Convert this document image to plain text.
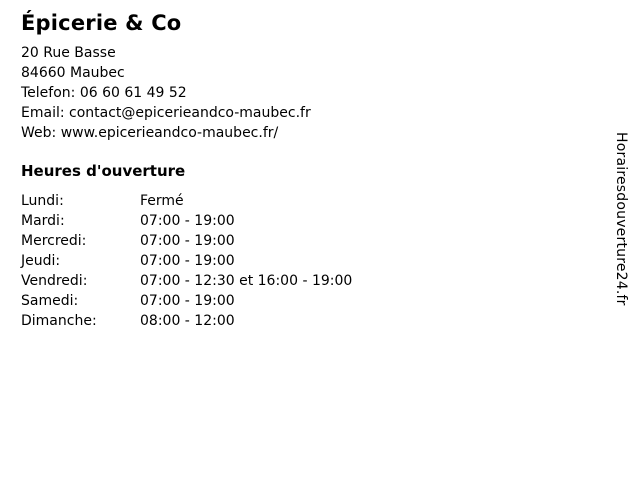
Épicerie & Co
20 Rue Basse
84660 Maubec
Telefon: 06 60 61 49 52
Email: contact@epicerieandco-maubec.fr
Web: www.epicerieandco-maubec.fr/
Heures d'ouverture
Lundi:	Fermé
Mardi:	07:00 - 19:00
Mercredi:	07:00 - 19:00
Jeudi:	07:00 - 19:00
Vendredi:	07:00 - 12:30 et 16:00 - 19:00
Samedi:	07:00 - 19:00
Dimanche:	08:00 - 12:00
Horairesdouverture24.fr
